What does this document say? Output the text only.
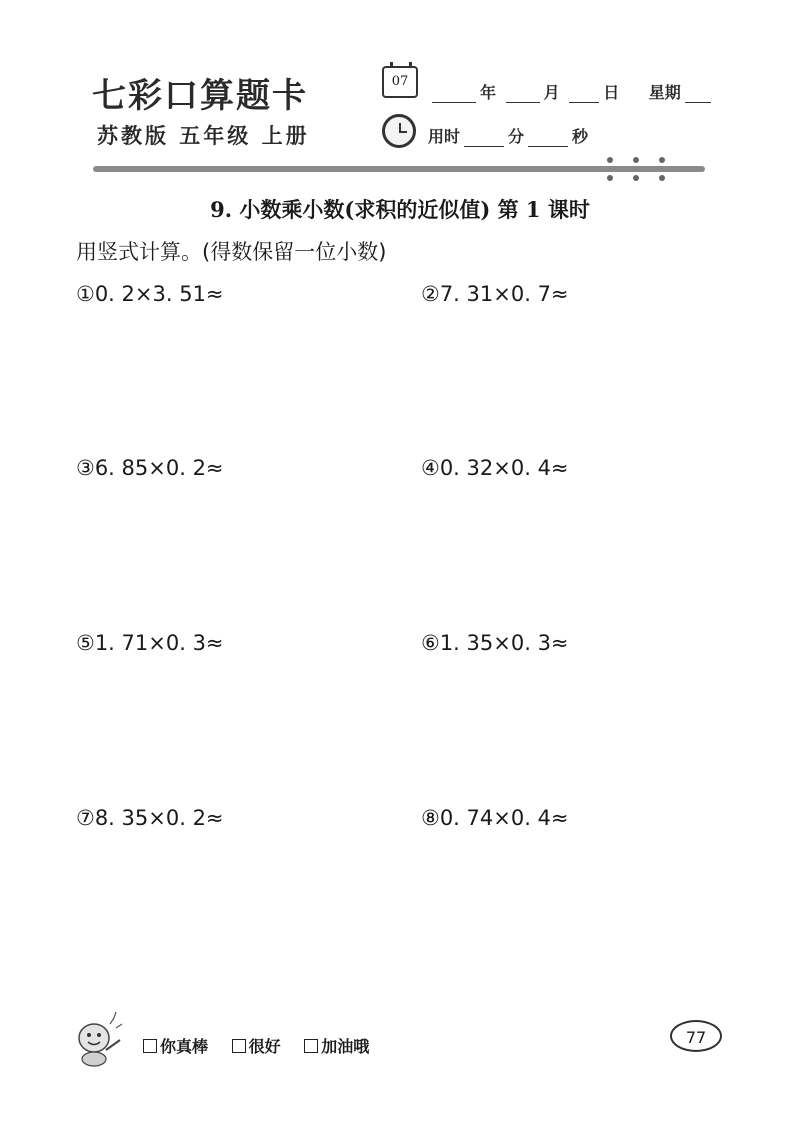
七彩口算题卡
苏教版 五年级 上册
07
年	月	日 星期
用时	分	秒
9. 小数乘小数(求积的近似值) 第 1 课时
用竖式计算。(得数保留一位小数)
①0. 2×3. 51≈	②7. 31×0. 7≈
③6. 85×0. 2≈	④0. 32×0. 4≈
⑤1. 71×0. 3≈	⑥1. 35×0. 3≈
⑦8. 35×0. 2≈	⑧0. 74×0. 4≈
你真棒	很好	加油哦	77
